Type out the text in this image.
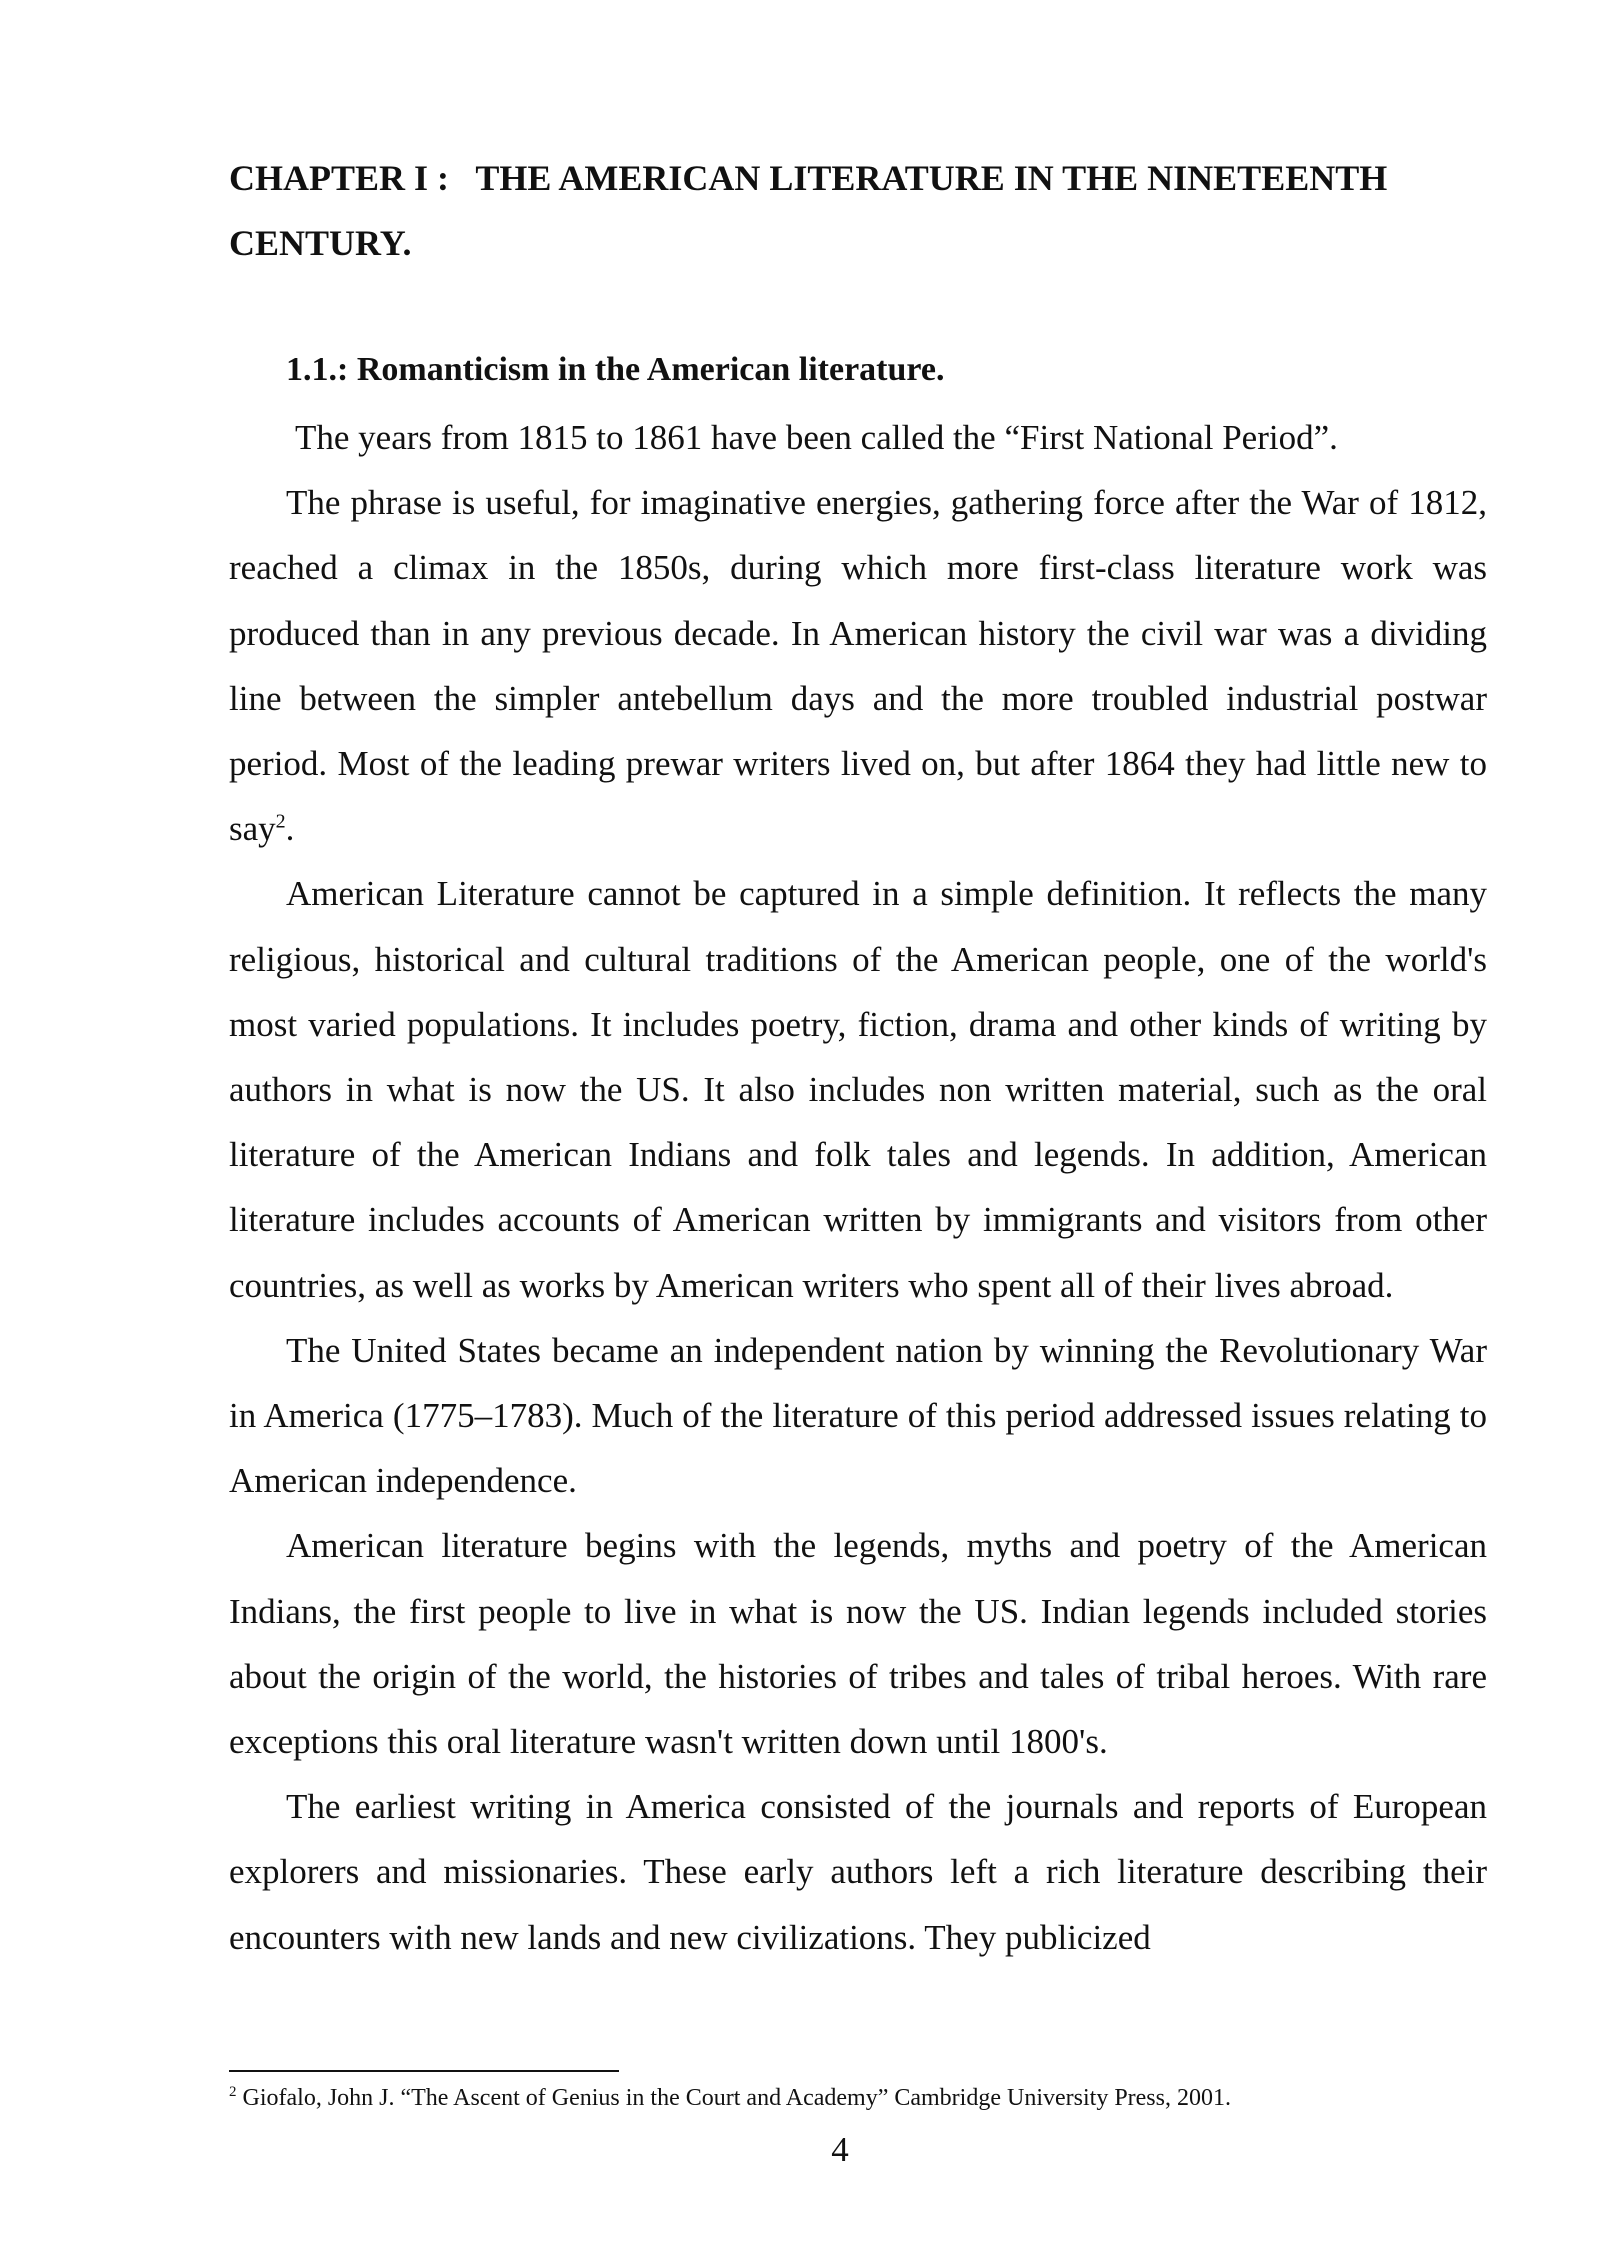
CHAPTER I :   THE AMERICAN LITERATURE IN THE NINETEENTH CENTURY.
1.1.: Romanticism in the American literature.

The years from 1815 to 1861 have been called the “First National Period”.

The phrase is useful, for imaginative energies, gathering force after the War of 1812, reached a climax in the 1850s, during which more first-class literature work was produced than in any previous decade. In American history the civil war was a dividing line between the simpler antebellum days and the more troubled industrial postwar period. Most of the leading prewar writers lived on, but after 1864 they had little new to say$^2$.

American Literature cannot be captured in a simple definition. It reflects the many religious, historical and cultural traditions of the American people, one of the world's most varied populations. It includes poetry, fiction, drama and other kinds of writing by authors in what is now the US. It also includes non written material, such as the oral literature of the American Indians and folk tales and legends. In addition, American literature includes accounts of American written by immigrants and visitors from other countries, as well as works by American writers who spent all of their lives abroad.

The United States became an independent nation by winning the Revolutionary War in America (1775–1783). Much of the literature of this period addressed issues relating to American independence.

American literature begins with the legends, myths and poetry of the American Indians, the first people to live in what is now the US. Indian legends included stories about the origin of the world, the histories of tribes and tales of tribal heroes. With rare exceptions this oral literature wasn't written down until 1800's.

The earliest writing in America consisted of the journals and reports of European explorers and missionaries. These early authors left a rich literature describing their encounters with new lands and new civilizations. They publicized

$^2$ Giofalo, John J. “The Ascent of Genius in the Court and Academy” Cambridge University Press, 2001.

4
